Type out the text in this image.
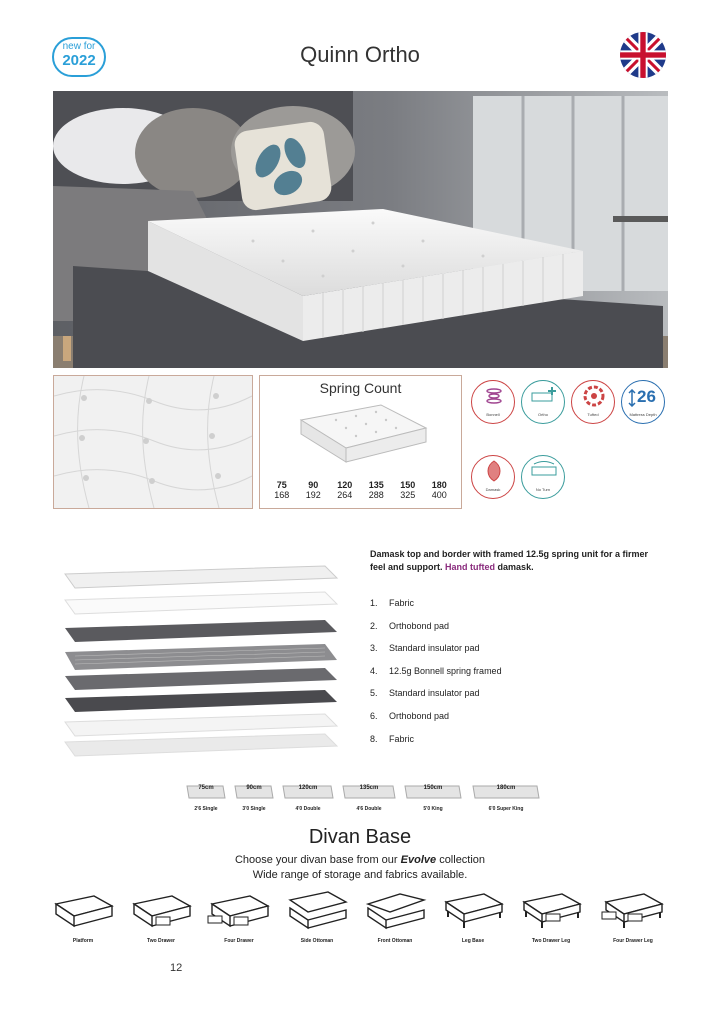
new for
2022	Quinn Ortho
Spring Count
75	90	120	135	150	180
168	192	264	288	325	400
Bonnell	Ortho	Tufted
26
Mattress Depth
Damask	No Turn
Damask top and border with framed 12.5g spring unit for a firmer feel and support. Hand tufted damask.
1.	Fabric
2.	Orthobond pad
3.	Standard insulator pad
4.	12.5g Bonnell spring framed
5.	Standard insulator pad
6.	Orthobond pad
8.	Fabric
75cm
2'6 Single
90cm
3'0 Single
120cm
4'0 Double
135cm
4'6 Double
150cm
5'0 King
180cm
6'0 Super King
Divan Base
Choose your divan base from our Evolve collection
Wide range of storage and fabrics available.
Platform	Two Drawer	Four Drawer	Side Ottoman	Front Ottoman	Leg Base	Two Drawer Leg	Four Drawer Leg
12
